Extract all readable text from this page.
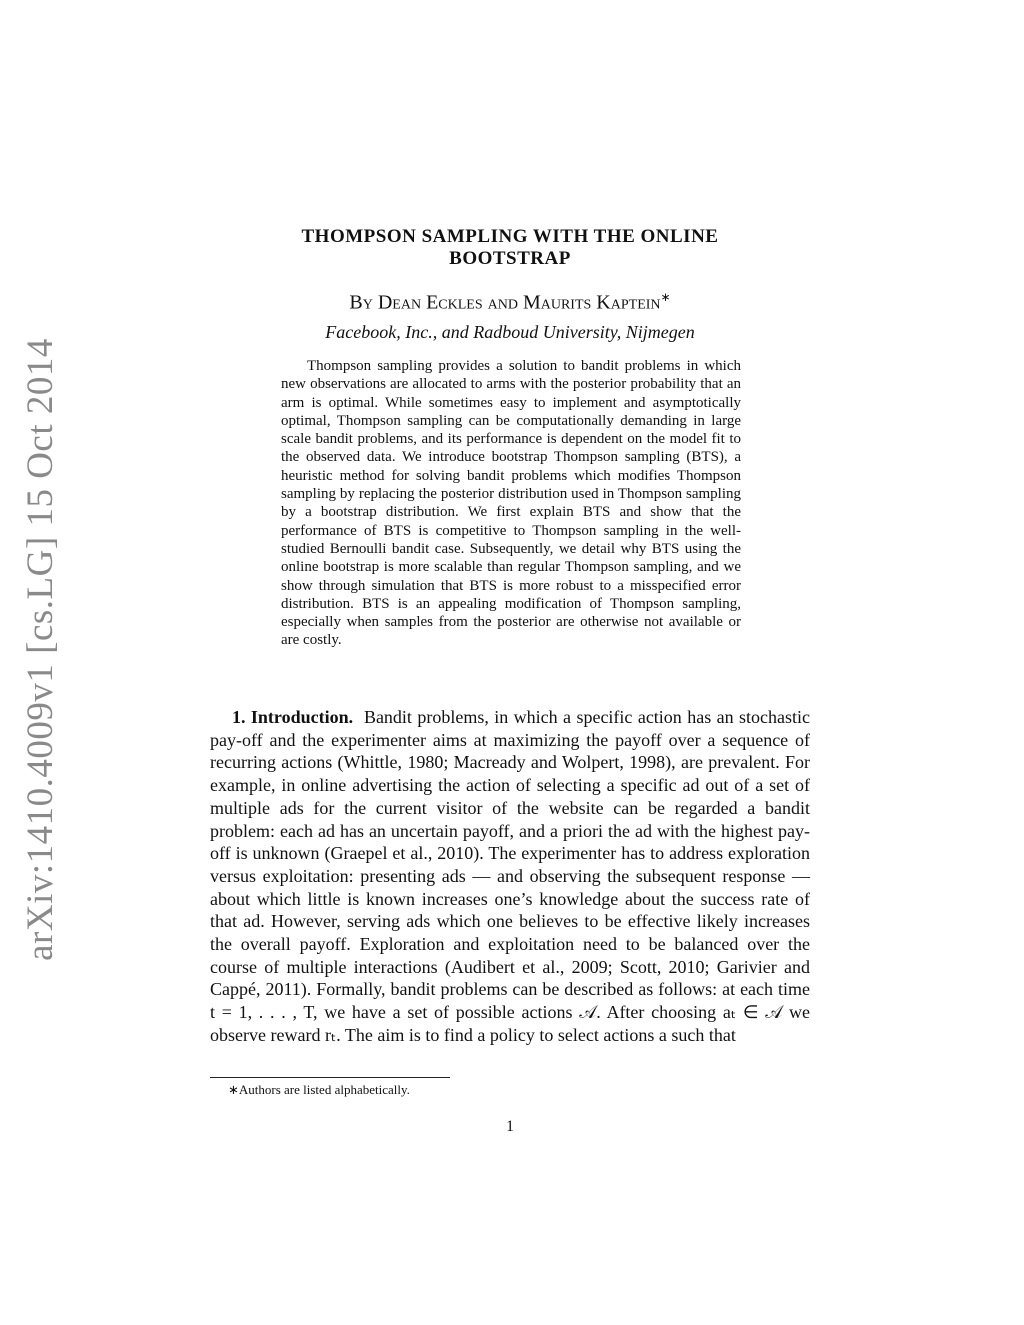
arXiv:1410.4009v1 [cs.LG] 15 Oct 2014
THOMPSON SAMPLING WITH THE ONLINE
BOOTSTRAP
By Dean Eckles and Maurits Kaptein∗
Facebook, Inc., and Radboud University, Nijmegen

Thompson sampling provides a solution to bandit problems in which new observations are allocated to arms with the posterior probability that an arm is optimal. While sometimes easy to implement and asymptotically optimal, Thompson sampling can be computationally demanding in large scale bandit problems, and its performance is dependent on the model fit to the observed data. We introduce bootstrap Thompson sampling (BTS), a heuristic method for solving bandit problems which modifies Thompson sampling by replacing the posterior distribution used in Thompson sampling by a bootstrap distribution. We first explain BTS and show that the performance of BTS is competitive to Thompson sampling in the well-studied Bernoulli bandit case. Subsequently, we detail why BTS using the online bootstrap is more scalable than regular Thompson sampling, and we show through simulation that BTS is more robust to a misspecified error distribution. BTS is an appealing modification of Thompson sampling, especially when samples from the posterior are otherwise not available or are costly.

1. Introduction. Bandit problems, in which a specific action has an stochastic pay-off and the experimenter aims at maximizing the payoff over a sequence of recurring actions (Whittle, 1980; Macready and Wolpert, 1998), are prevalent. For example, in online advertising the action of selecting a specific ad out of a set of multiple ads for the current visitor of the website can be regarded a bandit problem: each ad has an uncertain payoff, and a priori the ad with the highest pay-off is unknown (Graepel et al., 2010). The experimenter has to address exploration versus exploitation: presenting ads — and observing the subsequent response — about which little is known increases one’s knowledge about the success rate of that ad. However, serving ads which one believes to be effective likely increases the overall payoff. Exploration and exploitation need to be balanced over the course of multiple interactions (Audibert et al., 2009; Scott, 2010; Garivier and Cappé, 2011). Formally, bandit problems can be described as follows: at each time t = 1, . . . , T, we have a set of possible actions 𝒜. After choosing aₜ ∈ 𝒜 we observe reward rₜ. The aim is to find a policy to select actions a such that

∗Authors are listed alphabetically.
1
